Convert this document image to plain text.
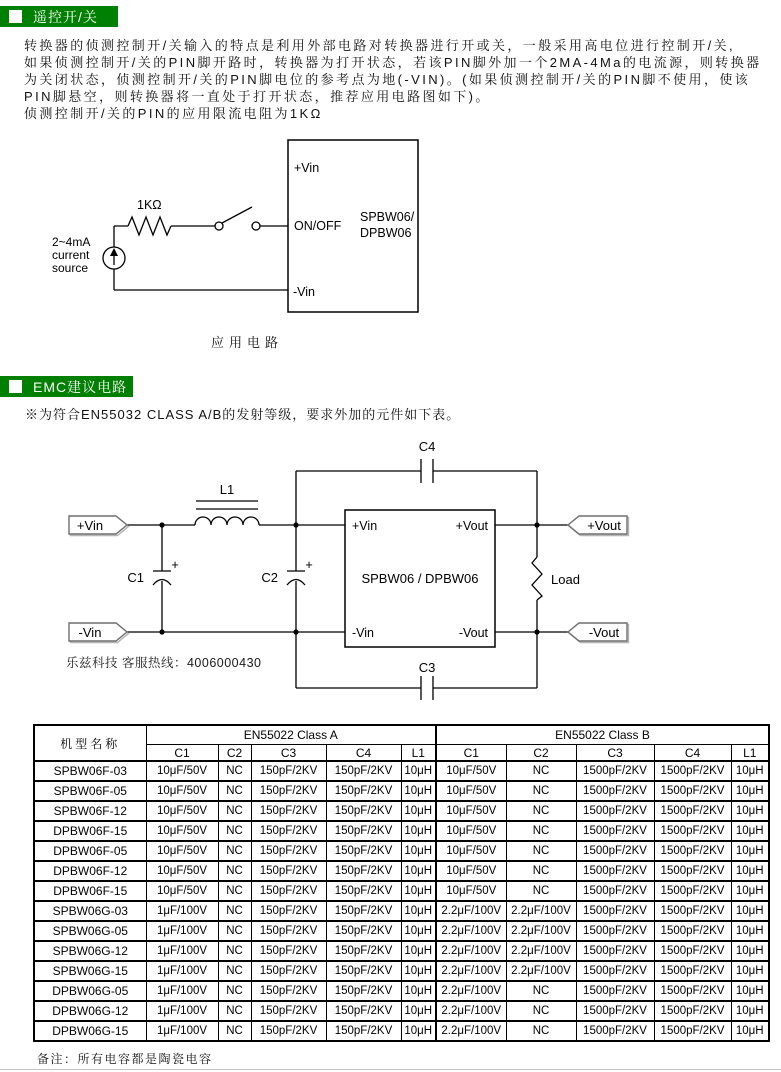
遥控开/关
转换器的侦测控制开/关输入的特点是利用外部电路对转换器进行开或关，一般采用高电位进行控制开/关,
如果侦测控制开/关的PIN脚开路时，转换器为打开状态，若该PIN脚外加一个2MA-4Ma的电流源，则转换器
为关闭状态，侦测控制开/关的PIN脚电位的参考点为地(-VIN)。(如果侦测控制开/关的PIN脚不使用，使该
PIN脚悬空，则转换器将一直处于打开状态，推荐应用电路图如下)。
侦测控制开/关的PIN的应用限流电阻为1KΩ
1KΩ
2~4mA
current
source
+Vin
ON/OFF
-Vin
SPBW06/
DPBW06
应用电路
EMC建议电路
※为符合EN55032 CLASS A/B的发射等级，要求外加的元件如下表。
C4
C3
L1
C1	C2
+	+
+Vin
-Vin
+Vout
-Vout
+Vin	+Vout
-Vin	-Vout
SPBW06 / DPBW06	Load
乐兹科技 客服热线：4006000430
机型名称	EN55022 Class A					EN55022 Class B				
	C1	C2	C3	C4	L1	C1	C2	C3	C4	L1
SPBW06F-03	10μF/50V	NC	150pF/2KV	150pF/2KV	10μH	10μF/50V	NC	1500pF/2KV	1500pF/2KV	10μH
SPBW06F-05	10μF/50V	NC	150pF/2KV	150pF/2KV	10μH	10μF/50V	NC	1500pF/2KV	1500pF/2KV	10μH
SPBW06F-12	10μF/50V	NC	150pF/2KV	150pF/2KV	10μH	10μF/50V	NC	1500pF/2KV	1500pF/2KV	10μH
DPBW06F-15	10μF/50V	NC	150pF/2KV	150pF/2KV	10μH	10μF/50V	NC	1500pF/2KV	1500pF/2KV	10μH
DPBW06F-05	10μF/50V	NC	150pF/2KV	150pF/2KV	10μH	10μF/50V	NC	1500pF/2KV	1500pF/2KV	10μH
DPBW06F-12	10μF/50V	NC	150pF/2KV	150pF/2KV	10μH	10μF/50V	NC	1500pF/2KV	1500pF/2KV	10μH
DPBW06F-15	10μF/50V	NC	150pF/2KV	150pF/2KV	10μH	10μF/50V	NC	1500pF/2KV	1500pF/2KV	10μH
SPBW06G-03	1μF/100V	NC	150pF/2KV	150pF/2KV	10μH	2.2μF/100V	2.2μF/100V	1500pF/2KV	1500pF/2KV	10μH
SPBW06G-05	1μF/100V	NC	150pF/2KV	150pF/2KV	10μH	2.2μF/100V	2.2μF/100V	1500pF/2KV	1500pF/2KV	10μH
SPBW06G-12	1μF/100V	NC	150pF/2KV	150pF/2KV	10μH	2.2μF/100V	2.2μF/100V	1500pF/2KV	1500pF/2KV	10μH
SPBW06G-15	1μF/100V	NC	150pF/2KV	150pF/2KV	10μH	2.2μF/100V	2.2μF/100V	1500pF/2KV	1500pF/2KV	10μH
DPBW06G-05	1μF/100V	NC	150pF/2KV	150pF/2KV	10μH	2.2μF/100V	NC	1500pF/2KV	1500pF/2KV	10μH
DPBW06G-12	1μF/100V	NC	150pF/2KV	150pF/2KV	10μH	2.2μF/100V	NC	1500pF/2KV	1500pF/2KV	10μH
DPBW06G-15	1μF/100V	NC	150pF/2KV	150pF/2KV	10μH	2.2μF/100V	NC	1500pF/2KV	1500pF/2KV	10μH
备注：所有电容都是陶瓷电容
